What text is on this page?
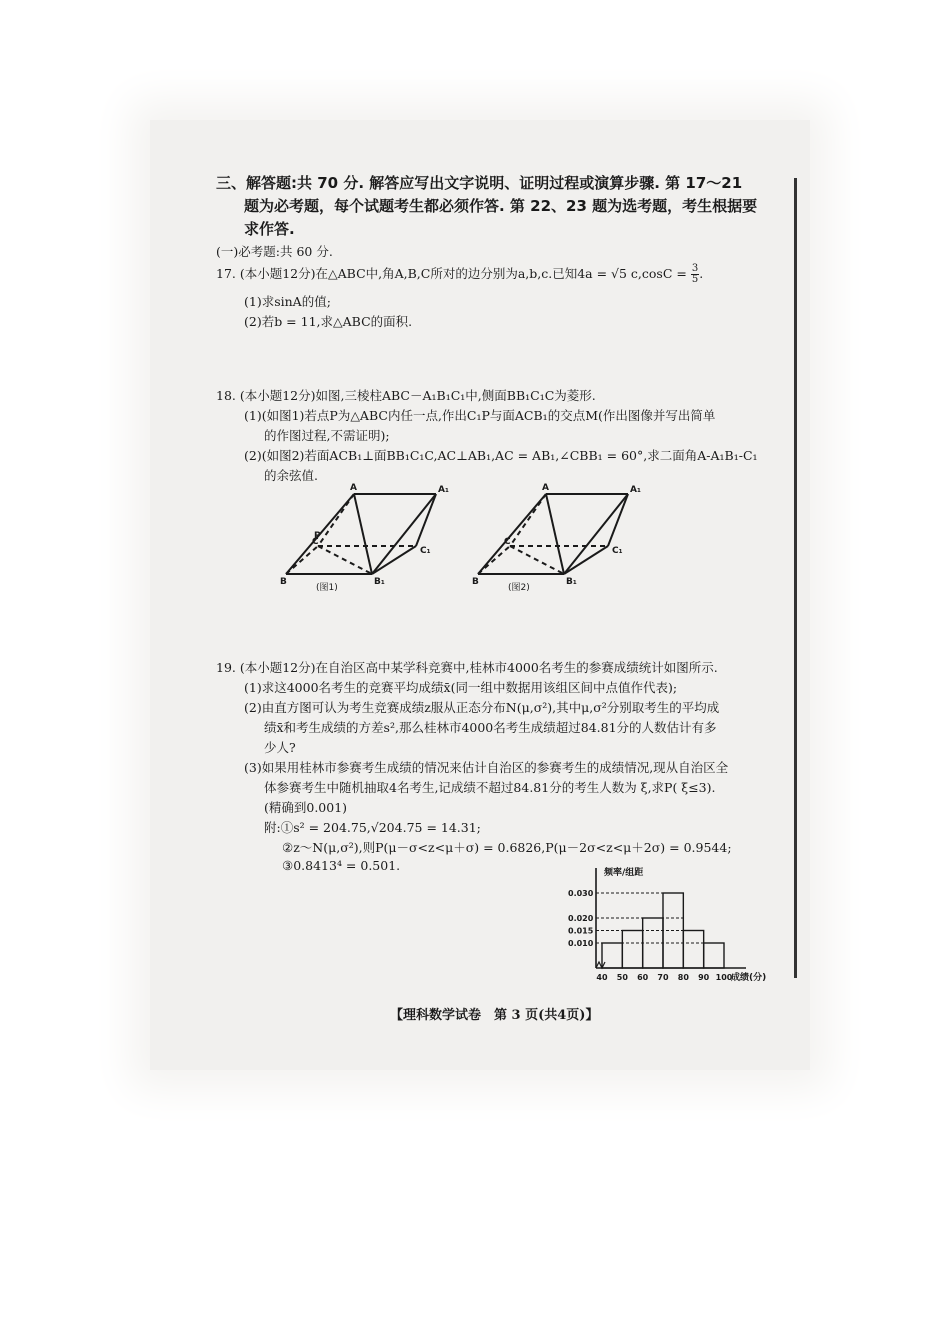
三、解答题:共 70 分. 解答应写出文字说明、证明过程或演算步骤. 第 17～21
题为必考题，每个试题考生都必须作答. 第 22、23 题为选考题，考生根据要
求作答.
(一)必考题:共 60 分.
17. (本小题12分)在△ABC中,角A,B,C所对的边分别为a,b,c.已知4a = √5 $c,\cos C = \frac{3}{5}$ .
(1)求sinA的值;
(2)若b = 11,求△ABC的面积.
18. (本小题12分)如图,三棱柱ABC－A₁B₁C₁中,侧面BB₁C₁C为菱形.
(1)(如图1)若点P为△ABC内任一点,作出C₁P与面ACB₁的交点M(作出图像并写出简单
的作图过程,不需证明);
(2)(如图2)若面ACB₁⊥面BB₁C₁C,AC⊥AB₁,AC = AB₁,∠CBB₁ = 60°,求二面角A-A₁B₁-C₁
的余弦值.
A	A₁
B	B₁
C
C₁
P
(图1)
A	A₁
B	B₁
C
C₁
(图2)
19. (本小题12分)在自治区高中某学科竞赛中,桂林市4000名考生的参赛成绩统计如图所示.
(1)求这4000名考生的竞赛平均成绩x̄(同一组中数据用该组区间中点值作代表);
(2)由直方图可认为考生竞赛成绩z服从正态分布N(μ,σ²),其中μ,σ²分别取考生的平均成
绩x̄和考生成绩的方差s²,那么桂林市4000名考生成绩超过84.81分的人数估计有多
少人?
(3)如果用桂林市参赛考生成绩的情况来估计自治区的参赛考生的成绩情况,现从自治区全
体参赛考生中随机抽取4名考生,记成绩不超过84.81分的考生人数为 ξ,求P( ξ≤3).
(精确到0.001)
附:①s² = 204.75,√204.75 = 14.31;
②z～N(μ,σ²),则P(μ－σ<z<μ＋σ) = 0.6826,P(μ－2σ<z<μ＋2σ) = 0.9544;
③0.8413⁴ = 0.501.	频率/组距
成绩(分)
0.010
0.015
0.020
0.030
40 50 60 70 80 90 100
【理科数学试卷　第 3 页(共4页)】
